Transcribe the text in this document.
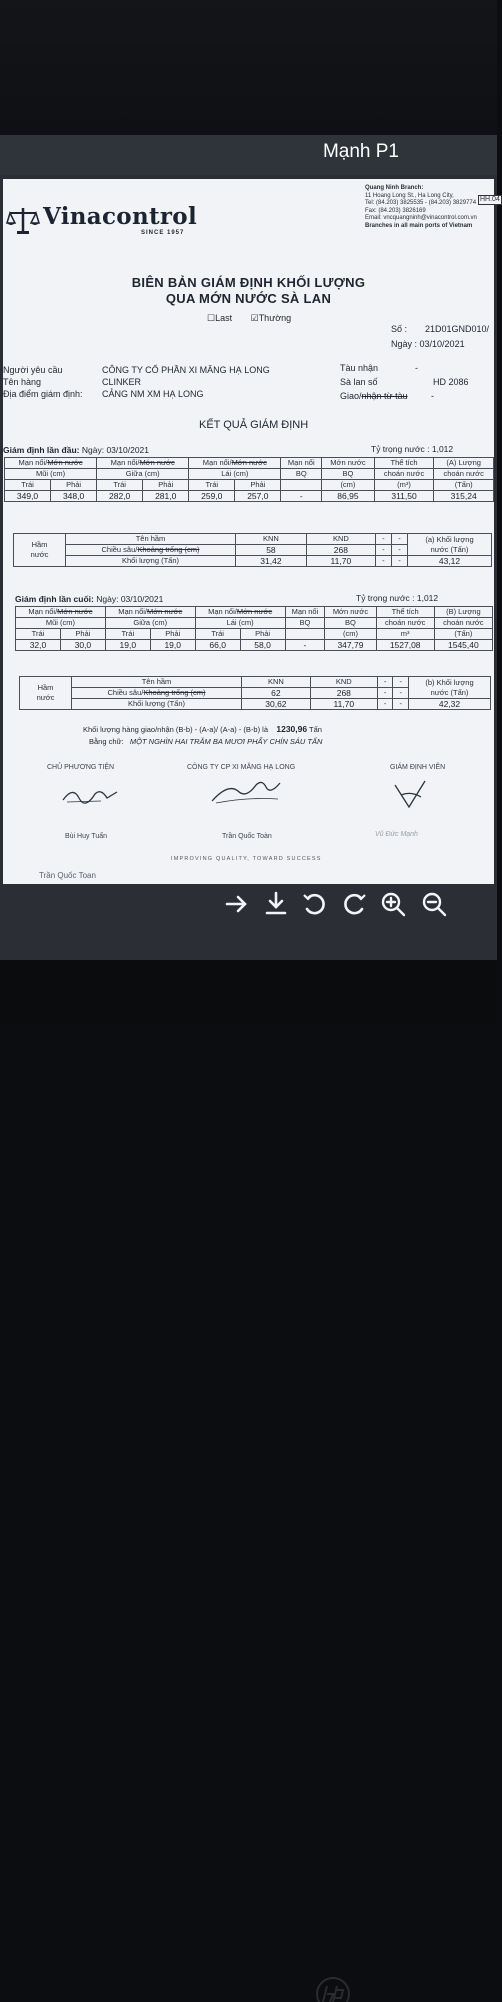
Mạnh P1
Vinacontrol
SINCE 1957
Quang Ninh Branch:
11 Hoang Long St., Ha Long City,
Tel: (84.203) 3825535 - (84.203) 3829774
Fax: (84.203) 3826169
Email: vncquangninh@vinacontrol.com.vn
Branches in all main ports of Vietnam
HH.04
BIÊN BẢN GIÁM ĐỊNH KHỐI LƯỢNG
QUA MỚN NƯỚC SÀ LAN
☐Last ☑Thường
Số : 21D01GND010/
Ngày : 03/10/2021
Người yêu cầu	CÔNG TY CỔ PHẦN XI MĂNG HẠ LONG
Tên hàng	CLINKER
Địa điểm giám định: CẢNG NM XM HẠ LONG
Tàu nhận	-
Sà lan số	HD 2086
Giao/nhận từ tàu	-
KẾT QUẢ GIÁM ĐỊNH
Giám định lần đầu: Ngày: 03/10/2021	Tỷ trọng nước : 1,012
Mạn nổi/Mớn nước		Mạn nổi/Mớn nước		Mạn nổi/Mớn nước		Mạn nổi	Mớn nước	Thể tích	(A) Lượng
Mũi (cm)		Giữa (cm)		Lái (cm)		BQ	BQ	choán nước	choán nước
Trái	Phải	Trái	Phải	Trái	Phải		(cm)	(m³)	(Tấn)
349,0	348,0	282,0	281,0	259,0	257,0	-	86,95	311,50	315,24
Hầm
nước	Tên hầm	KNN	KND	-	-	(a) Khối lượng
nước (Tấn)
	Chiều sâu/Khoảng trống (cm)	58	268	-	-	
	Khối lượng (Tấn)	31,42	11,70	-	-	43,12
Giám định lần cuối: Ngày: 03/10/2021	Tỷ trọng nước : 1,012
Mạn nổi/Mớn nước		Mạn nổi/Mớn nước		Mạn nổi/Mớn nước		Mạn nổi	Mớn nước	Thể tích	(B) Lượng
Mũi (cm)		Giữa (cm)		Lái (cm)		BQ	BQ	choán nước	choán nước
Trái	Phải	Trái	Phải	Trái	Phải		(cm)	m³	(Tấn)
32,0	30,0	19,0	19,0	66,0	58,0	-	347,79	1527,08	1545,40
Hầm
nước	Tên hầm	KNN	KND	-	-	(b) Khối lượng
nước (Tấn)
	Chiều sâu/Khoảng trống (cm)	62	268	-	-	
	Khối lượng (Tấn)	30,62	11,70	-	-	42,32
Khối lượng hàng giao/nhận (B-b) - (A-a)/ (A-a) - (B-b) là 1230,96 Tấn
Bằng chữ: MỘT NGHÌN HAI TRĂM BA MƯƠI PHẨY CHÍN SÁU TẤN
CHỦ PHƯƠNG TIỆN	CÔNG TY CP XI MĂNG HẠ LONG	GIÁM ĐỊNH VIÊN
Bùi Huy Tuấn	Trần Quốc Toàn	Vũ Đức Mạnh
IMPROVING QUALITY, TOWARD SUCCESS
Trần Quốc Toan
